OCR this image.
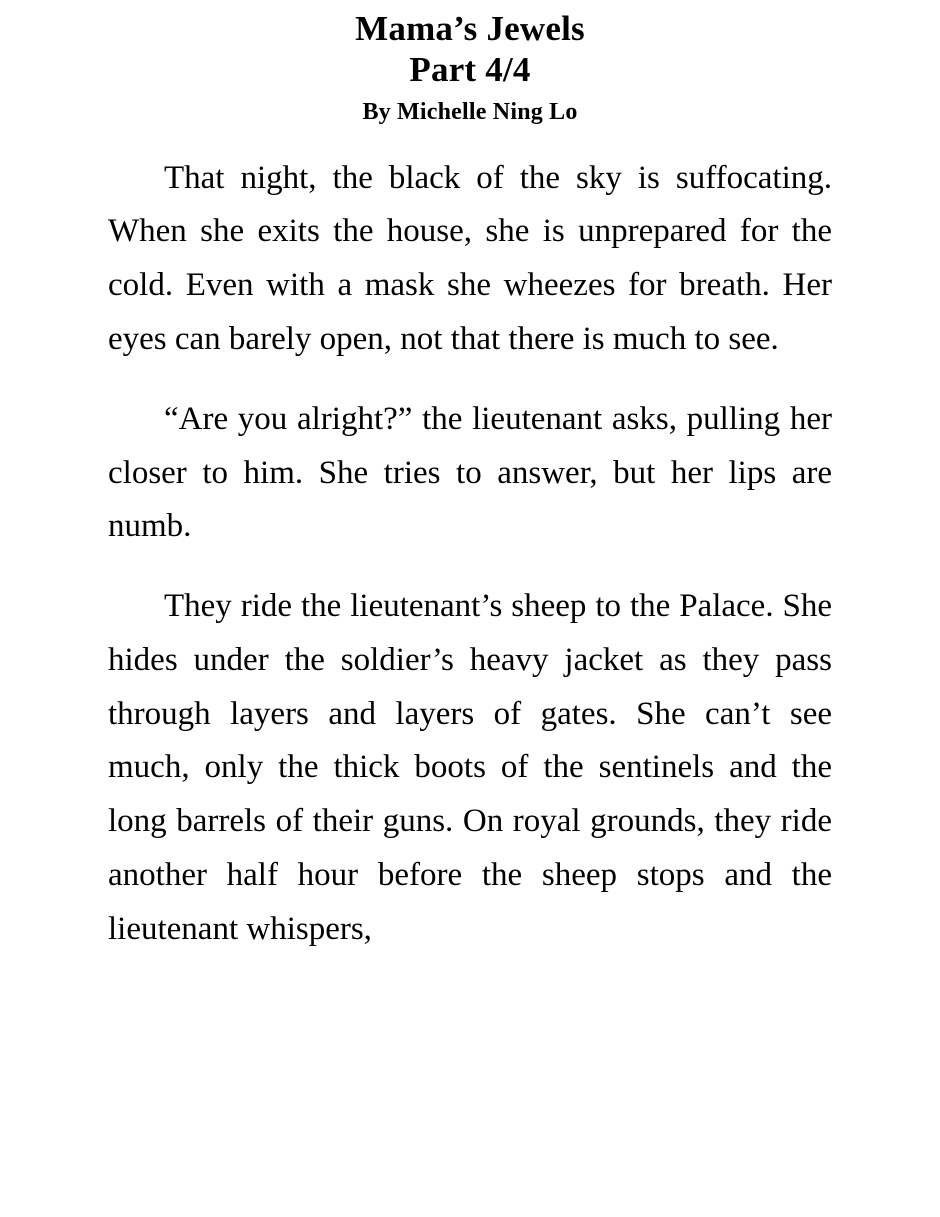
Mama’s Jewels
Part 4/4
By Michelle Ning Lo

That night, the black of the sky is suffocating. When she exits the house, she is unprepared for the cold. Even with a mask she wheezes for breath. Her eyes can barely open, not that there is much to see.

“Are you alright?” the lieutenant asks, pulling her closer to him. She tries to answer, but her lips are numb.

They ride the lieutenant’s sheep to the Palace. She hides under the soldier’s heavy jacket as they pass through layers and layers of gates. She can’t see much, only the thick boots of the sentinels and the long barrels of their guns. On royal grounds, they ride another half hour before the sheep stops and the lieutenant whispers,
